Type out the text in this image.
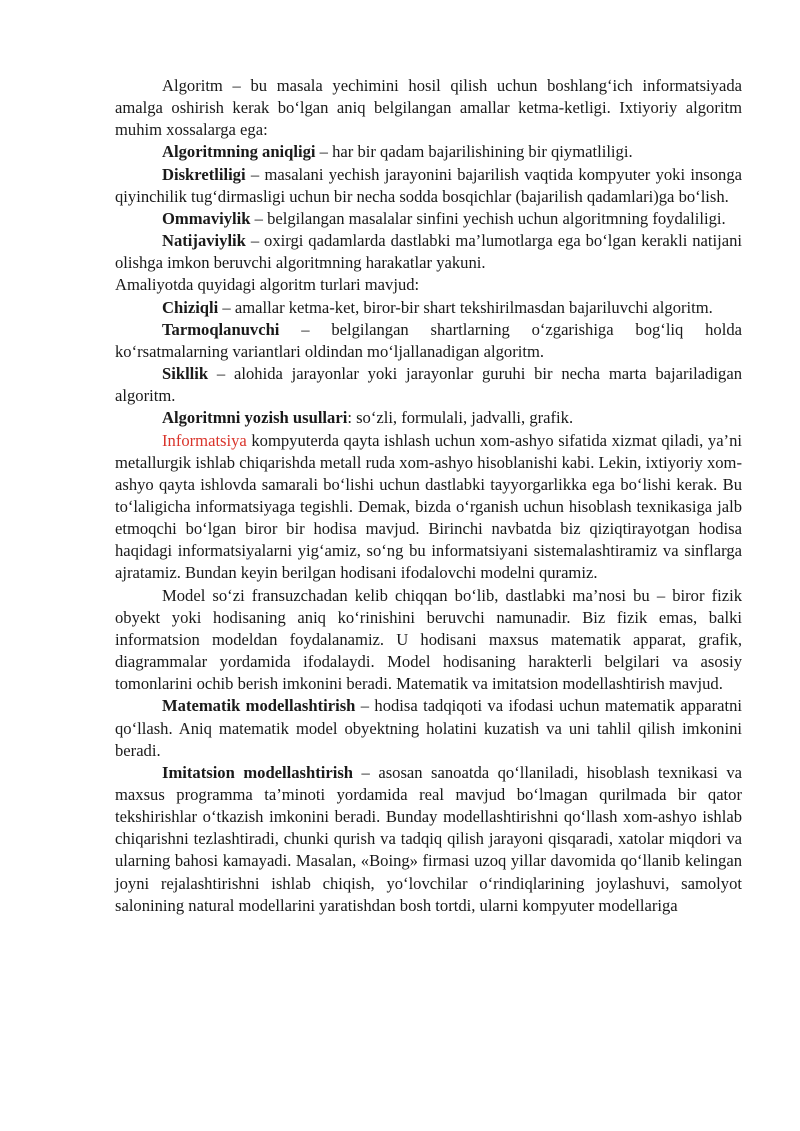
Algoritm – bu masala yechimini hosil qilish uchun boshlang‘ich informatsiyada amalga oshirish kerak bo‘lgan aniq belgilangan amallar ketma-ketligi. Ixtiyoriy algoritm muhim xossalarga ega:

Algoritmning aniqligi – har bir qadam bajarilishining bir qiymatliligi.

Diskretliligi – masalani yechish jarayonini bajarilish vaqtida kompyuter yoki insonga qiyinchilik tug‘dirmasligi uchun bir necha sodda bosqichlar (bajarilish qadamlari)ga bo‘lish.

Ommaviylik – belgilangan masalalar sinfini yechish uchun algoritmning foydaliligi.

Natijaviylik – oxirgi qadamlarda dastlabki ma’lumotlarga ega bo‘lgan kerakli natijani olishga imkon beruvchi algoritmning harakatlar yakuni.

Amaliyotda quyidagi algoritm turlari mavjud:

Chiziqli – amallar ketma-ket, biror-bir shart tekshirilmasdan bajariluvchi algoritm.

Tarmoqlanuvchi – belgilangan shartlarning o‘zgarishiga bog‘liq holda ko‘rsatmalarning variantlari oldindan mo‘ljallanadigan algoritm.

Sikllik – alohida jarayonlar yoki jarayonlar guruhi bir necha marta bajariladigan algoritm.

Algoritmni yozish usullari: so‘zli, formulali, jadvalli, grafik.

Informatsiya kompyuterda qayta ishlash uchun xom-ashyo sifatida xizmat qiladi, ya’ni metallurgik ishlab chiqarishda metall ruda xom-ashyo hisoblanishi kabi. Lekin, ixtiyoriy xom-ashyo qayta ishlovda samarali bo‘lishi uchun dastlabki tayyorgarlikka ega bo‘lishi kerak. Bu to‘laligicha informatsiyaga tegishli. Demak, bizda o‘rganish uchun hisoblash texnikasiga jalb etmoqchi bo‘lgan biror bir hodisa mavjud. Birinchi navbatda biz qiziqtirayotgan hodisa haqidagi informatsiyalarni yig‘amiz, so‘ng bu informatsiyani sistemalashtiramiz va sinflarga ajratamiz. Bundan keyin berilgan hodisani ifodalovchi modelni quramiz.

Model so‘zi fransuzchadan kelib chiqqan bo‘lib, dastlabki ma’nosi bu – biror fizik obyekt yoki hodisaning aniq ko‘rinishini beruvchi namunadir. Biz fizik emas, balki informatsion modeldan foydalanamiz. U hodisani maxsus matematik apparat, grafik, diagrammalar yordamida ifodalaydi. Model hodisaning harakterli belgilari va asosiy tomonlarini ochib berish imkonini beradi. Matematik va imitatsion modellashtirish mavjud.

Matematik modellashtirish – hodisa tadqiqoti va ifodasi uchun matematik apparatni qo‘llash. Aniq matematik model obyektning holatini kuzatish va uni tahlil qilish imkonini beradi.

Imitatsion modellashtirish – asosan sanoatda qo‘llaniladi, hisoblash texnikasi va maxsus programma ta’minoti yordamida real mavjud bo‘lmagan qurilmada bir qator tekshirishlar o‘tkazish imkonini beradi. Bunday modellashtirishni qo‘llash xom-ashyo ishlab chiqarishni tezlashtiradi, chunki qurish va tadqiq qilish jarayoni qisqaradi, xatolar miqdori va ularning bahosi kamayadi. Masalan, «Boing» firmasi uzoq yillar davomida qo‘llanib kelingan joyni rejalashtirishni ishlab chiqish, yo‘lovchilar o‘rindiqlarining joylashuvi, samolyot salonining natural modellarini yaratishdan bosh tortdi, ularni kompyuter modellariga
